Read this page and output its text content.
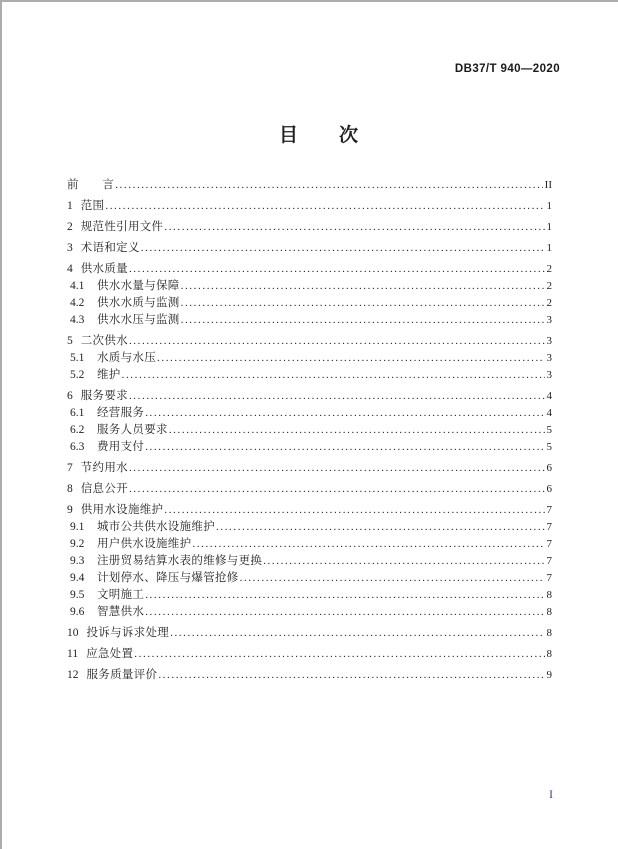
DB37/T 940—2020
目　　次
前　　言 .....	II
1 范围 .....	1
2 规范性引用文件 .....	1
3 术语和定义 .....	1
4 供水质量 .....	2
4.1	供水水量与保障 .....	2
4.2	供水水质与监测 .....	2
4.3	供水水压与监测 .....	3
5 二次供水 .....	3
5.1	水质与水压 .....	3
5.2	维护 .....	3
6 服务要求 .....	4
6.1	经营服务 .....	4
6.2	服务人员要求 .....	5
6.3	费用支付 .....	5
7 节约用水 .....	6
8 信息公开 .....	6
9 供用水设施维护 .....	7
9.1	城市公共供水设施维护 .....	7
9.2	用户供水设施维护 .....	7
9.3	注册贸易结算水表的维修与更换 .....	7
9.4	计划停水、降压与爆管抢修 .....	7
9.5	文明施工 .....	8
9.6	智慧供水 .....	8
10 投诉与诉求处理 .....	8
11 应急处置 .....	8
12 服务质量评价 .....	9
I
